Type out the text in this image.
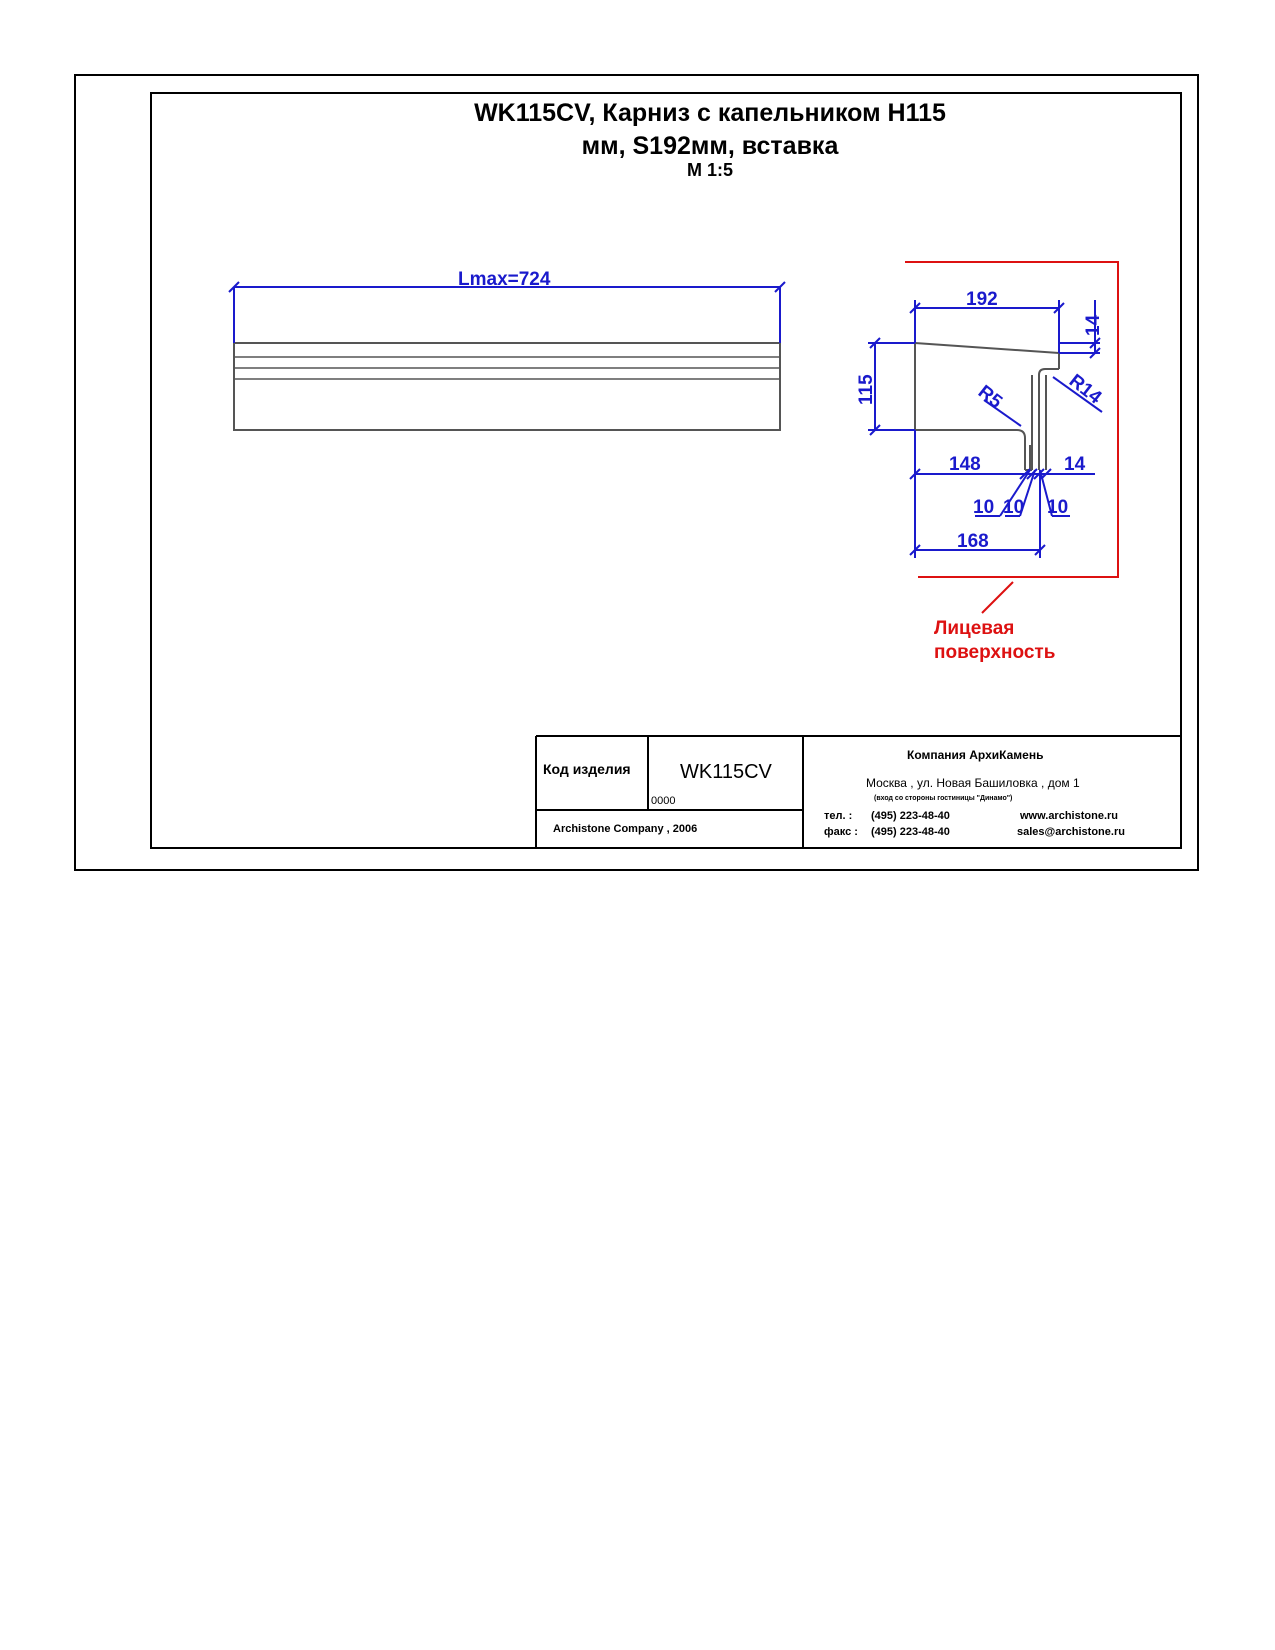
WK115CV, Карниз с капельником H115
мм, S192мм, вставка
М 1:5
Lmax=724
192
14
115	R5	R14
148	14
10 10 10
168
Лицевая
поверхность
Код изделия WK115CV
0000
Archistone Company , 2006
Компания АрхиКамень
Москва , ул. Новая Башиловка , дом 1
(вход со стороны гостиницы "Динамо")
тел. : (495) 223-48-40
факс : (495) 223-48-40
www.archistone.ru
sales@archistone.ru
